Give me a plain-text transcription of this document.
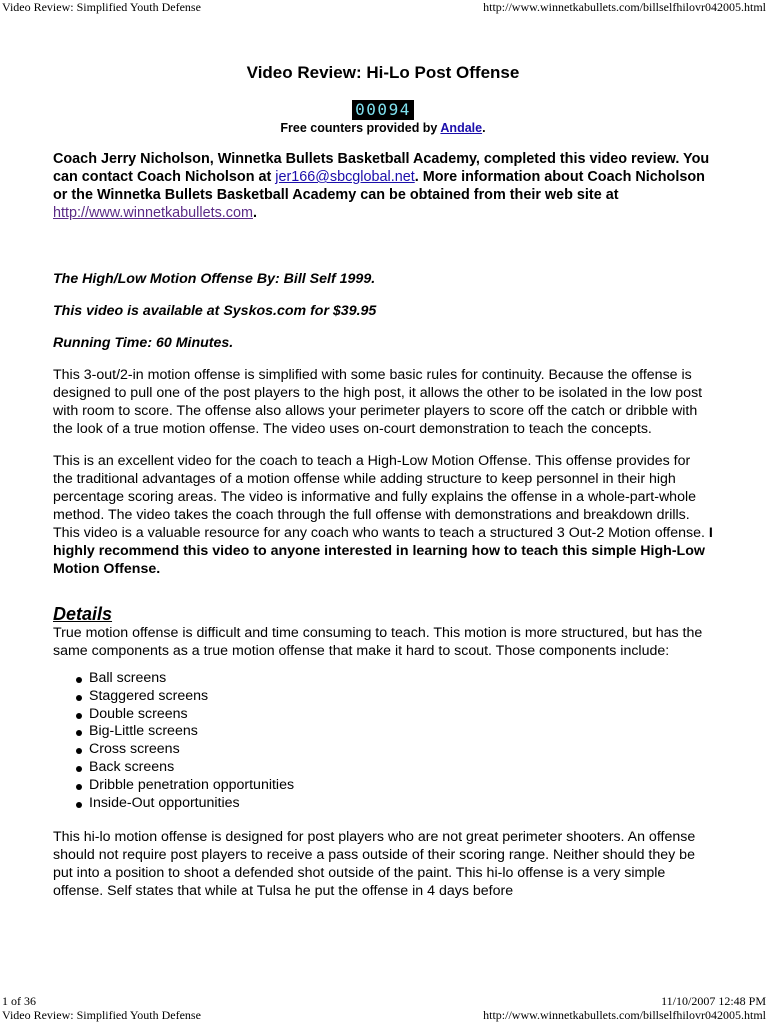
Video Review: Simplified Youth Defense	http://www.winnetkabullets.com/billselfhilovr042005.html
Video Review: Hi-Lo Post Offense
00094
Free counters provided by Andale.
Coach Jerry Nicholson, Winnetka Bullets Basketball Academy, completed this video review. You can contact Coach Nicholson at jer166@sbcglobal.net. More information about Coach Nicholson or the Winnetka Bullets Basketball Academy can be obtained from their web site at http://www.winnetkabullets.com.

The High/Low Motion Offense By: Bill Self 1999.

This video is available at Syskos.com for $39.95

Running Time: 60 Minutes.

This 3-out/2-in motion offense is simplified with some basic rules for continuity. Because the offense is designed to pull one of the post players to the high post, it allows the other to be isolated in the low post with room to score. The offense also allows your perimeter players to score off the catch or dribble with the look of a true motion offense. The video uses on-court demonstration to teach the concepts.

This is an excellent video for the coach to teach a High-Low Motion Offense. This offense provides for the traditional advantages of a motion offense while adding structure to keep personnel in their high percentage scoring areas. The video is informative and fully explains the offense in a whole-part-whole method. The video takes the coach through the full offense with demonstrations and breakdown drills. This video is a valuable resource for any coach who wants to teach a structured 3 Out-2 Motion offense. I highly recommend this video to anyone interested in learning how to teach this simple High-Low Motion Offense.

Details

True motion offense is difficult and time consuming to teach. This motion is more structured, but has the same components as a true motion offense that make it hard to scout. Those components include:

Ball screens
Staggered screens
Double screens
Big-Little screens
Cross screens
Back screens
Dribble penetration opportunities
Inside-Out opportunities

This hi-lo motion offense is designed for post players who are not great perimeter shooters. An offense should not require post players to receive a pass outside of their scoring range. Neither should they be put into a position to shoot a defended shot outside of the paint. This hi-lo offense is a very simple offense. Self states that while at Tulsa he put the offense in 4 days before

1 of 36	11/10/2007 12:48 PM
Video Review: Simplified Youth Defense	http://www.winnetkabullets.com/billselfhilovr042005.html
